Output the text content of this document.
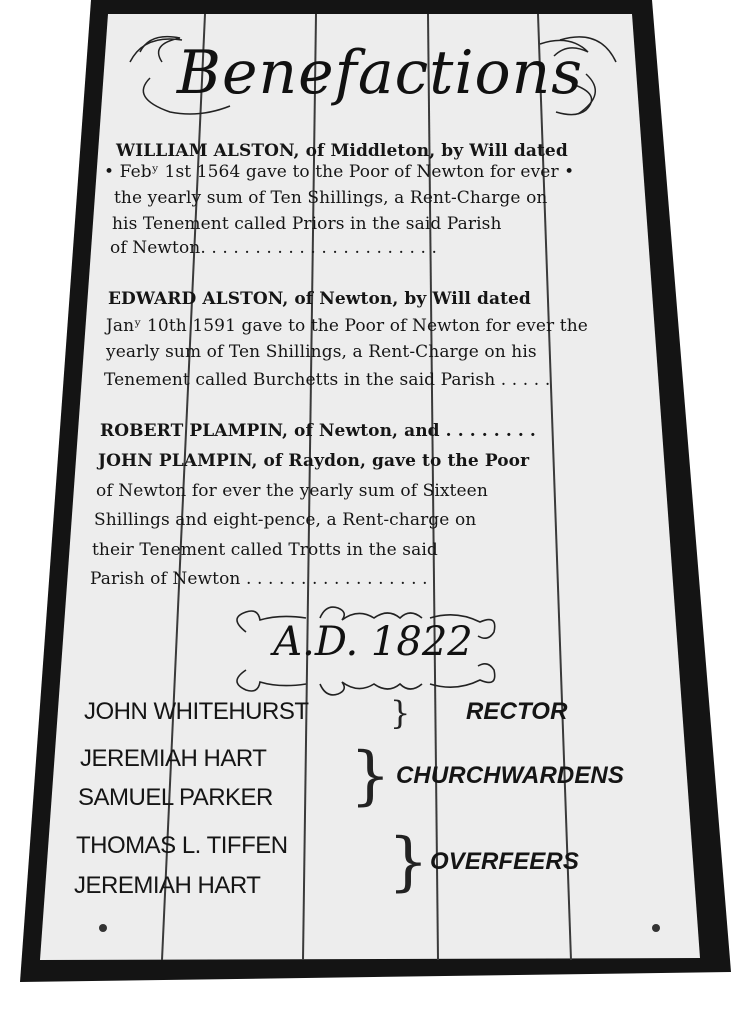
Benefactions
WILLIAM ALSTON, of Middleton, by Will dated
• Febʸ 1st 1564 gave to the Poor of Newton for ever •
the yearly sum of Ten Shillings, a Rent-Charge on
his Tenement called Priors in the said Parish
of Newton. . . . . . . . . . . . . . . . . . . . . .
EDWARD ALSTON, of Newton, by Will dated
Janʸ 10th 1591 gave to the Poor of Newton for ever the
yearly sum of Ten Shillings, a Rent-Charge on his
Tenement called Burchetts in the said Parish . . . . .
ROBERT PLAMPIN, of Newton, and . . . . . . . .
JOHN PLAMPIN, of Raydon, gave to the Poor
of Newton for ever the yearly sum of Sixteen
Shillings and eight-pence, a Rent-charge on
their Tenement called Trotts in the said
Parish of Newton . . . . . . . . . . . . . . . . .
A.D. 1822
JOHN WHITEHURST	} RECTOR
JEREMIAH HART
SAMUEL PARKER } CHURCHWARDENS
THOMAS L. TIFFEN
JEREMIAH HART } OVERFEERS
